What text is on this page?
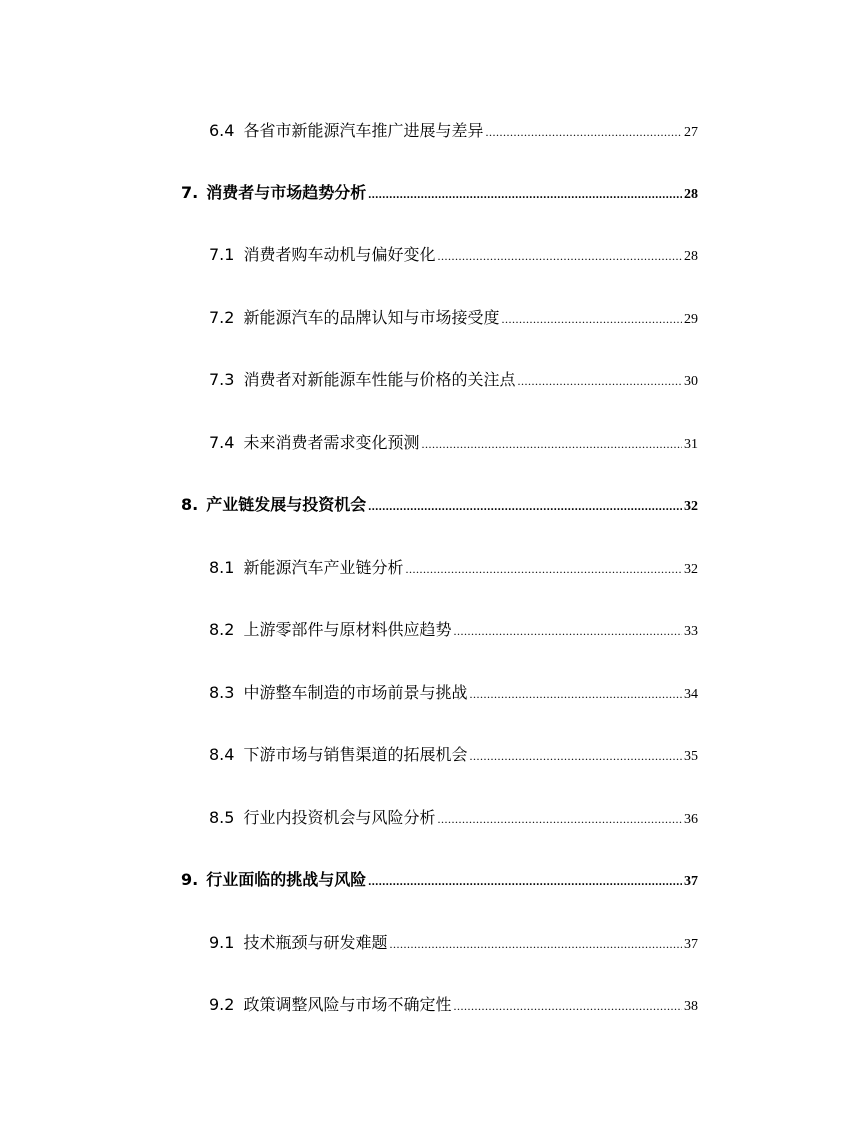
6.4 各省市新能源汽车推广进展与差异 .....	27
7. 消费者与市场趋势分析 .....	28
7.1 消费者购车动机与偏好变化 .....	28
7.2 新能源汽车的品牌认知与市场接受度 .....	29
7.3 消费者对新能源车性能与价格的关注点 .....	30
7.4 未来消费者需求变化预测 .....	31
8. 产业链发展与投资机会 .....	32
8.1 新能源汽车产业链分析 .....	32
8.2 上游零部件与原材料供应趋势 .....	33
8.3 中游整车制造的市场前景与挑战 .....	34
8.4 下游市场与销售渠道的拓展机会 .....	35
8.5 行业内投资机会与风险分析 .....	36
9. 行业面临的挑战与风险 .....	37
9.1 技术瓶颈与研发难题 .....	37
9.2 政策调整风险与市场不确定性 .....	38
